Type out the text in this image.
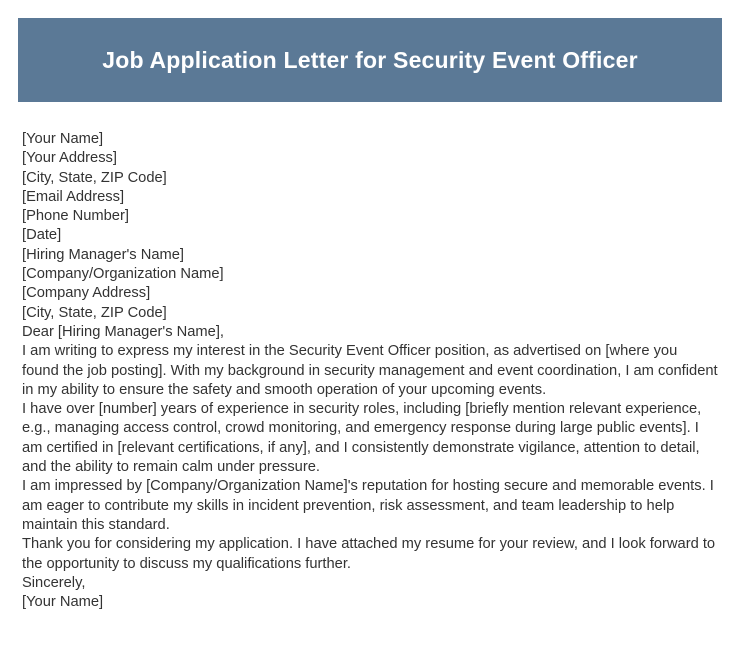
Job Application Letter for Security Event Officer
[Your Name]
[Your Address]
[City, State, ZIP Code]
[Email Address]
[Phone Number]
[Date]
[Hiring Manager's Name]
[Company/Organization Name]
[Company Address]
[City, State, ZIP Code]
Dear [Hiring Manager's Name],
I am writing to express my interest in the Security Event Officer position, as advertised on [where you found the job posting]. With my background in security management and event coordination, I am confident in my ability to ensure the safety and smooth operation of your upcoming events.
I have over [number] years of experience in security roles, including [briefly mention relevant experience, e.g., managing access control, crowd monitoring, and emergency response during large public events]. I am certified in [relevant certifications, if any], and I consistently demonstrate vigilance, attention to detail, and the ability to remain calm under pressure.
I am impressed by [Company/Organization Name]'s reputation for hosting secure and memorable events. I am eager to contribute my skills in incident prevention, risk assessment, and team leadership to help maintain this standard.
Thank you for considering my application. I have attached my resume for your review, and I look forward to the opportunity to discuss my qualifications further.
Sincerely,
[Your Name]
